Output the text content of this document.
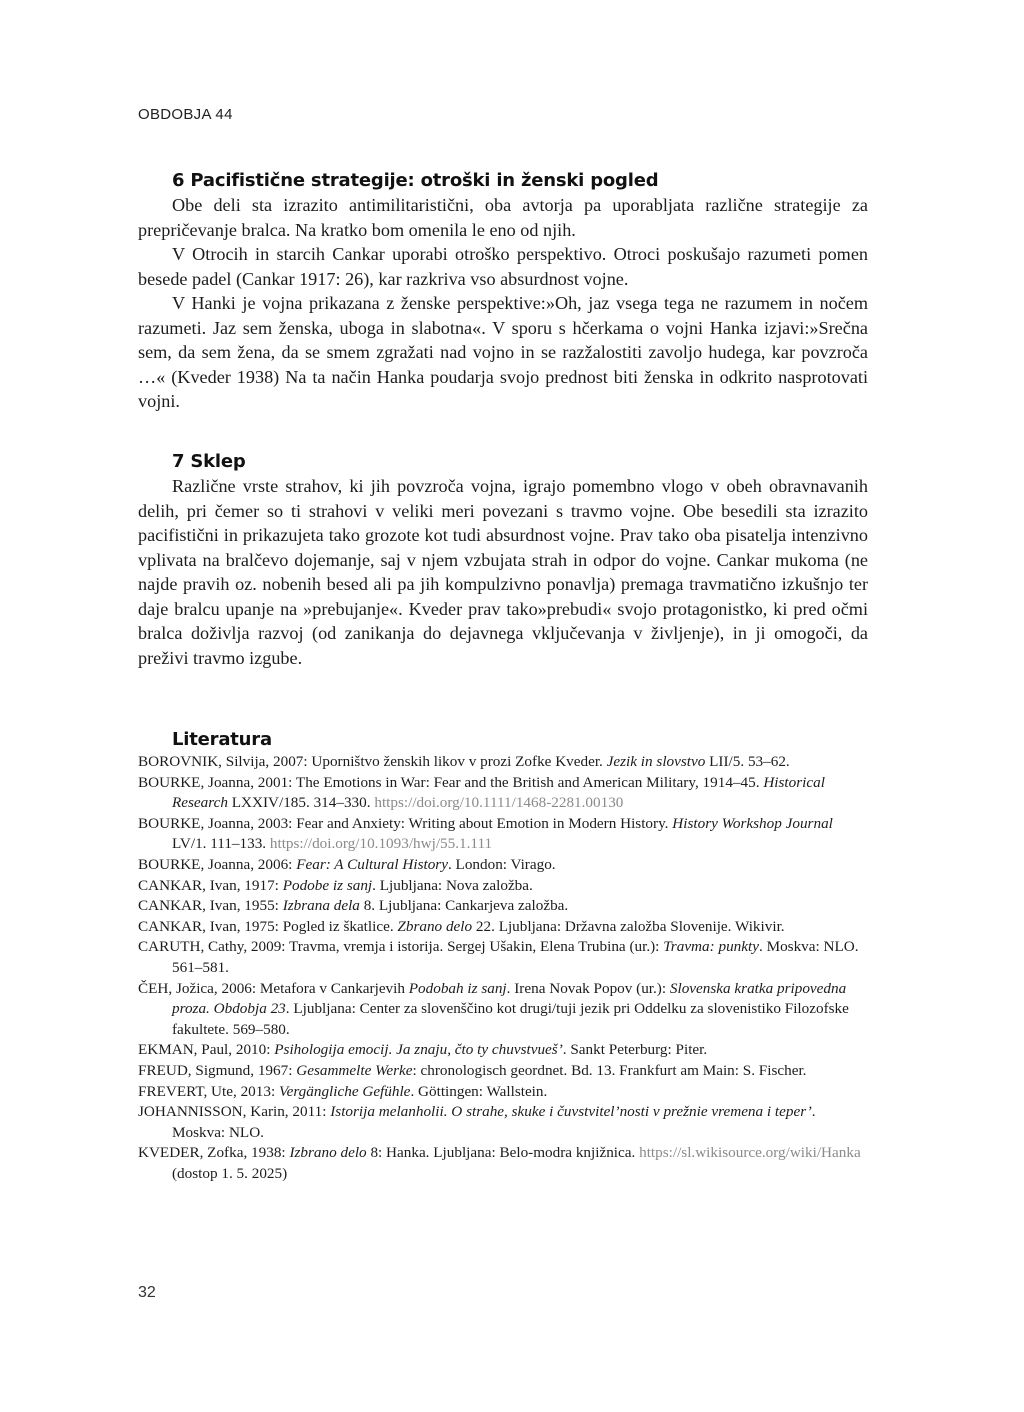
OBDOBJA 44
6 Pacifistične strategije: otroški in ženski pogled

Obe deli sta izrazito antimilitaristični, oba avtorja pa uporabljata različne strategije za prepričevanje bralca. Na kratko bom omenila le eno od njih.

V Otrocih in starcih Cankar uporabi otroško perspektivo. Otroci poskušajo razumeti pomen besede padel (Cankar 1917: 26), kar razkriva vso absurdnost vojne.

V Hanki je vojna prikazana z ženske perspektive:»Oh, jaz vsega tega ne razumem in nočem razumeti. Jaz sem ženska, uboga in slabotna«. V sporu s hčerkama o vojni Hanka izjavi:»Srečna sem, da sem žena, da se smem zgražati nad vojno in se razžalostiti zavoljo hudega, kar povzroča …« (Kveder 1938) Na ta način Hanka poudarja svojo prednost biti ženska in odkrito nasprotovati vojni.

7 Sklep

Različne vrste strahov, ki jih povzroča vojna, igrajo pomembno vlogo v obeh obravnavanih delih, pri čemer so ti strahovi v veliki meri povezani s travmo vojne. Obe besedili sta izrazito pacifistični in prikazujeta tako grozote kot tudi absurdnost vojne. Prav tako oba pisatelja intenzivno vplivata na bralčevo dojemanje, saj v njem vzbujata strah in odpor do vojne. Cankar mukoma (ne najde pravih oz. nobenih besed ali pa jih kompulzivno ponavlja) premaga travmatično izkušnjo ter daje bralcu upanje na »prebujanje«. Kveder prav tako»prebudi« svojo protagonistko, ki pred očmi bralca doživlja razvoj (od zanikanja do dejavnega vključevanja v življenje), in ji omogoči, da preživi travmo izgube.

Literatura

BOROVNIK, Silvija, 2007: Uporništvo ženskih likov v prozi Zofke Kveder. Jezik in slovstvo LII/5. 53–62.

BOURKE, Joanna, 2001: The Emotions in War: Fear and the British and American Military, 1914–45. Historical Research LXXIV/185. 314–330. https://doi.org/10.1111/1468-2281.00130

BOURKE, Joanna, 2003: Fear and Anxiety: Writing about Emotion in Modern History. History Workshop Journal LV/1. 111–133. https://doi.org/10.1093/hwj/55.1.111

BOURKE, Joanna, 2006: Fear: A Cultural History. London: Virago.

CANKAR, Ivan, 1917: Podobe iz sanj. Ljubljana: Nova založba.

CANKAR, Ivan, 1955: Izbrana dela 8. Ljubljana: Cankarjeva založba.

CANKAR, Ivan, 1975: Pogled iz škatlice. Zbrano delo 22. Ljubljana: Državna založba Slovenije. Wikivir.

CARUTH, Cathy, 2009: Travma, vremja i istorija. Sergej Ušakin, Elena Trubina (ur.): Travma: punkty. Moskva: NLO. 561–581.

ČEH, Jožica, 2006: Metafora v Cankarjevih Podobah iz sanj. Irena Novak Popov (ur.): Slovenska kratka pripovedna proza. Obdobja 23. Ljubljana: Center za slovenščino kot drugi/tuji jezik pri Oddelku za slovenistiko Filozofske fakultete. 569–580.

EKMAN, Paul, 2010: Psihologija emocij. Ja znaju, čto ty chuvstvueš’. Sankt Peterburg: Piter.

FREUD, Sigmund, 1967: Gesammelte Werke: chronologisch geordnet. Bd. 13. Frankfurt am Main: S. Fischer.

FREVERT, Ute, 2013: Vergängliche Gefühle. Göttingen: Wallstein.

JOHANNISSON, Karin, 2011: Istorija melanholii. O strahe, skuke i čuvstvitel’nosti v prežnie vremena i teper’. Moskva: NLO.

KVEDER, Zofka, 1938: Izbrano delo 8: Hanka. Ljubljana: Belo-modra knjižnica. https://sl.wikisource.org/wiki/Hanka (dostop 1. 5. 2025)

32
